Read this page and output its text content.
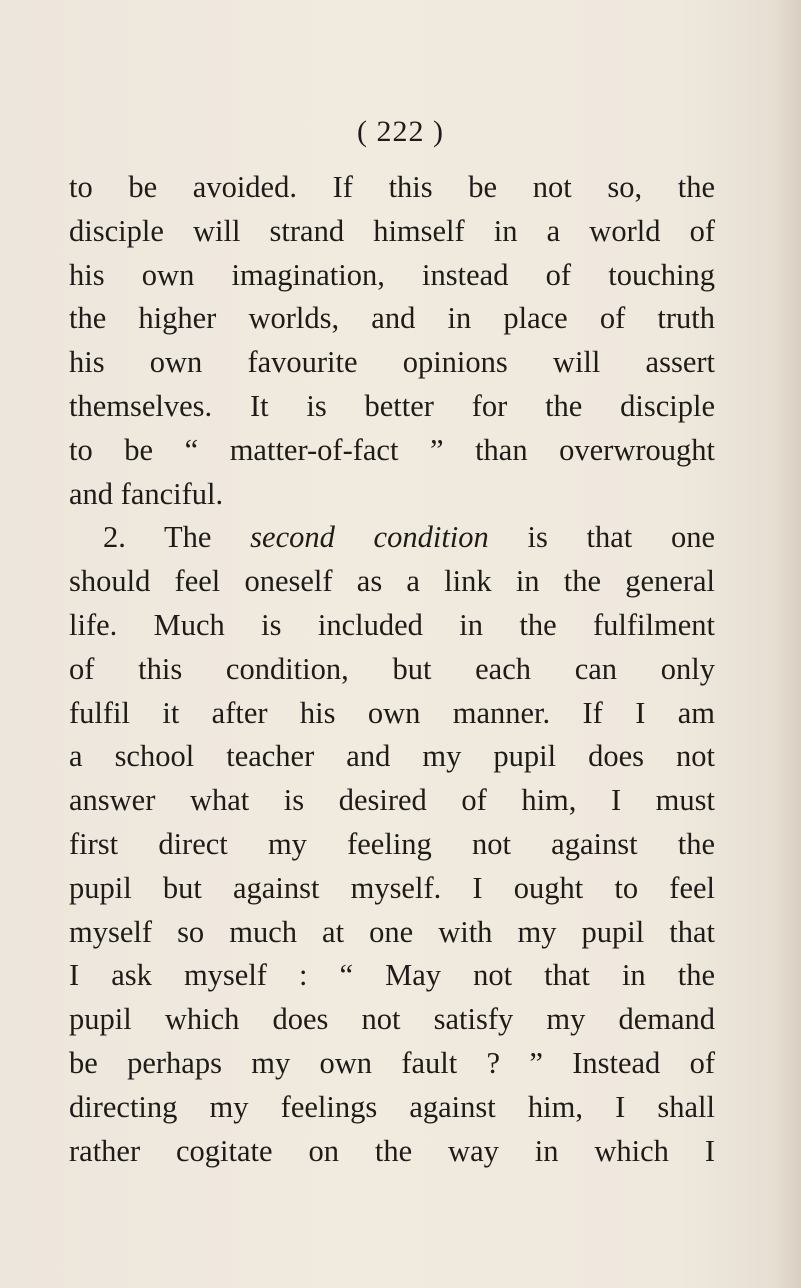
( 222 )
to be avoided. If this be not so, the
disciple will strand himself in a world of
his own imagination, instead of touching
the higher worlds, and in place of truth
his own favourite opinions will assert
themselves. It is better for the disciple
to be “ matter-of-fact ” than overwrought
and fanciful.
2. The second condition is that one
should feel oneself as a link in the general
life. Much is included in the fulfilment
of this condition, but each can only
fulfil it after his own manner. If I am
a school teacher and my pupil does not
answer what is desired of him, I must
first direct my feeling not against the
pupil but against myself. I ought to feel
myself so much at one with my pupil that
I ask myself : “ May not that in the
pupil which does not satisfy my demand
be perhaps my own fault ? ” Instead of
directing my feelings against him, I shall
rather cogitate on the way in which I
